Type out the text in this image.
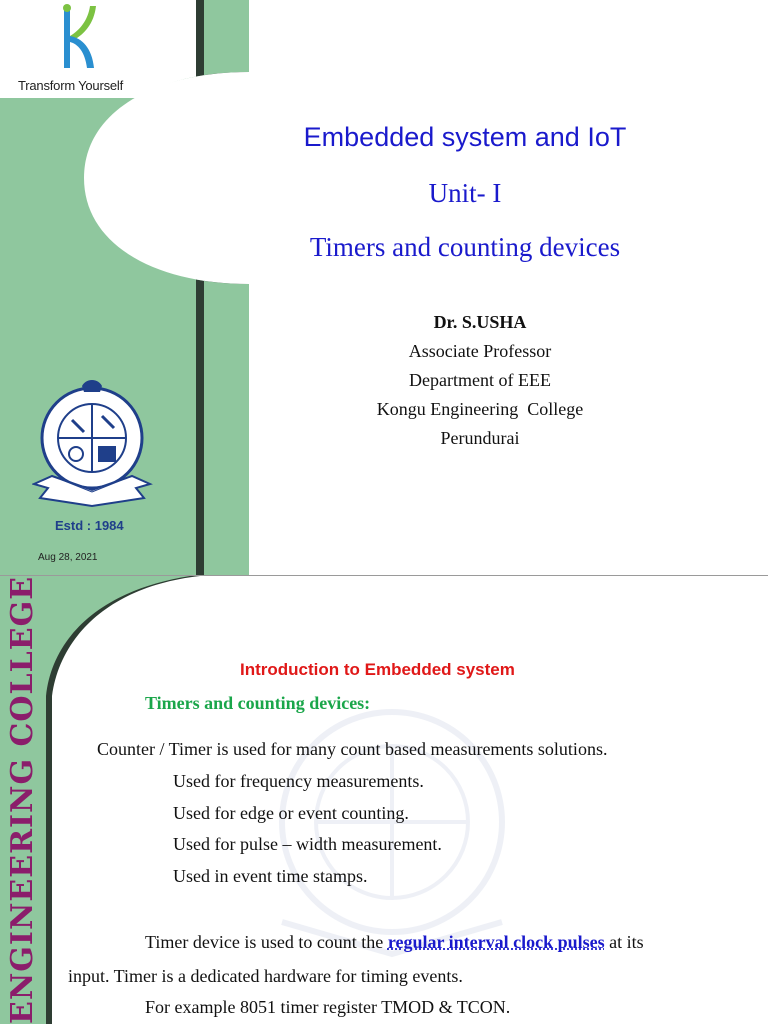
Transform Yourself
Estd : 1984
Aug 28, 2021
Embedded system and IoT
Unit- I
Timers and counting devices
Dr. S.USHA
Associate Professor
Department of EEE
Kongu Engineering  College
Perundurai
ENGINEERING COLLEGE	Introduction to Embedded system
Timers and counting devices:
Counter / Timer is used for many count based measurements solutions.
Used for frequency measurements.
Used for edge or event counting.
Used for pulse – width measurement.
Used in event time stamps.
Timer device is used to count the regular interval clock pulses at its
input. Timer is a dedicated hardware for timing events.
For example 8051 timer register TMOD & TCON.
